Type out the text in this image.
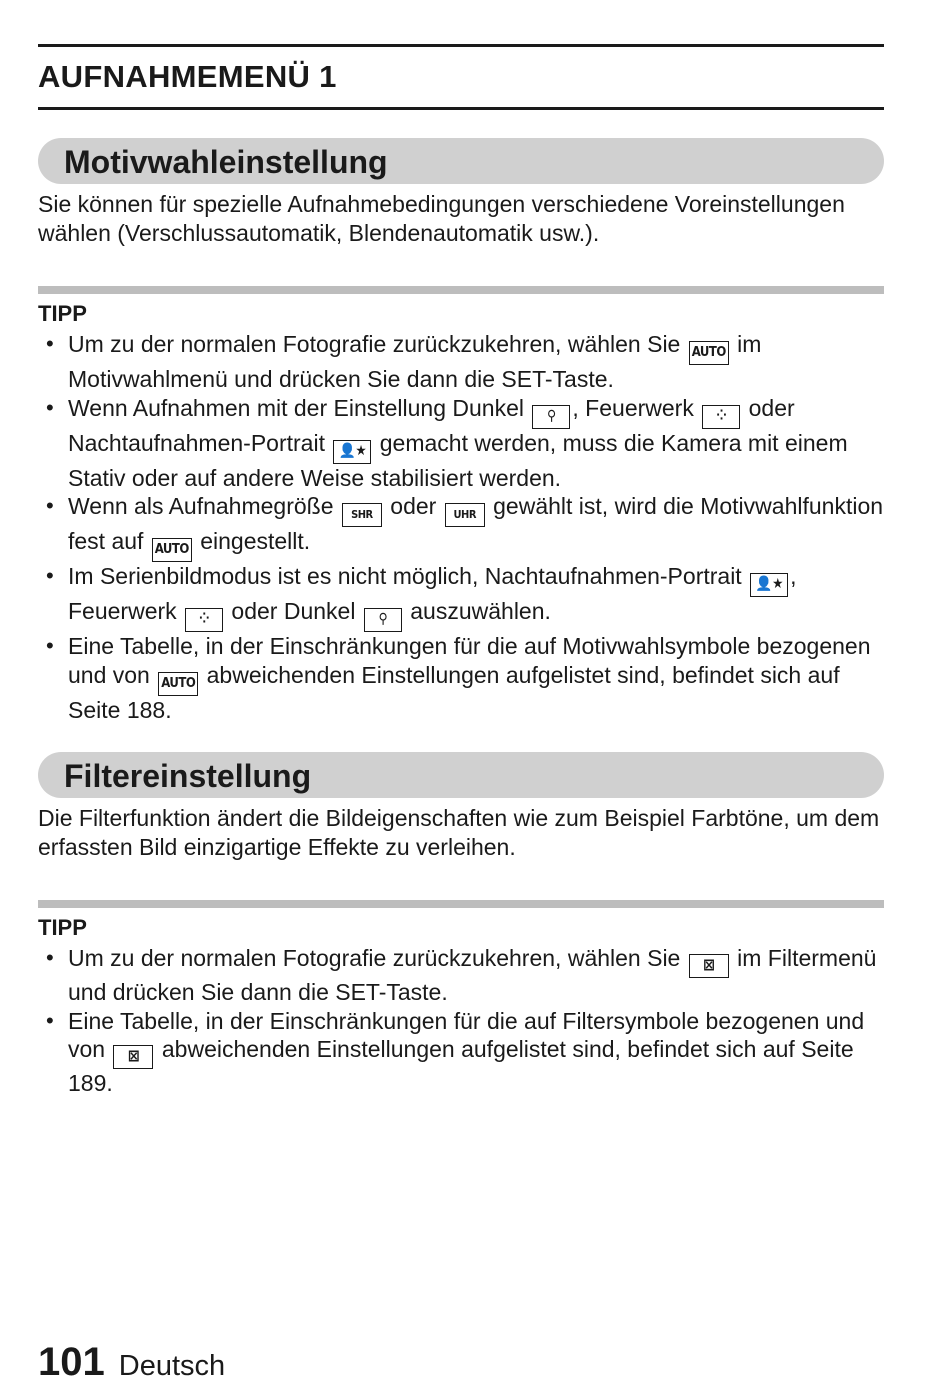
AUFNAHMEMENÜ 1
Motivwahleinstellung
Sie können für spezielle Aufnahmebedingungen verschiedene Voreinstellungen wählen (Verschlussautomatik, Blendenautomatik usw.).
TIPP
• Um zu der normalen Fotografie zurückzukehren, wählen Sie AUTO im Motivwahlmenü und drücken Sie dann die SET-Taste.
• Wenn Aufnahmen mit der Einstellung Dunkel ⚲ , Feuerwerk ⁘ oder Nachtaufnahmen-Portrait 👤★ gemacht werden, muss die Kamera mit einem Stativ oder auf andere Weise stabilisiert werden.
• Wenn als Aufnahmegröße SHR oder UHR gewählt ist, wird die Motivwahlfunktion fest auf AUTO eingestellt.
• Im Serienbildmodus ist es nicht möglich, Nachtaufnahmen-Portrait 👤★ , Feuerwerk ⁘ oder Dunkel ⚲ auszuwählen.
• Eine Tabelle, in der Einschränkungen für die auf Motivwahlsymbole bezogenen und von AUTO abweichenden Einstellungen aufgelistet sind, befindet sich auf Seite 188.
Filtereinstellung
Die Filterfunktion ändert die Bildeigenschaften wie zum Beispiel Farbtöne, um dem erfassten Bild einzigartige Effekte zu verleihen.
TIPP
• Um zu der normalen Fotografie zurückzukehren, wählen Sie ⊠ im Filtermenü und drücken Sie dann die SET-Taste.
• Eine Tabelle, in der Einschränkungen für die auf Filtersymbole bezogenen und von ⊠ abweichenden Einstellungen aufgelistet sind, befindet sich auf Seite 189.
101 Deutsch
